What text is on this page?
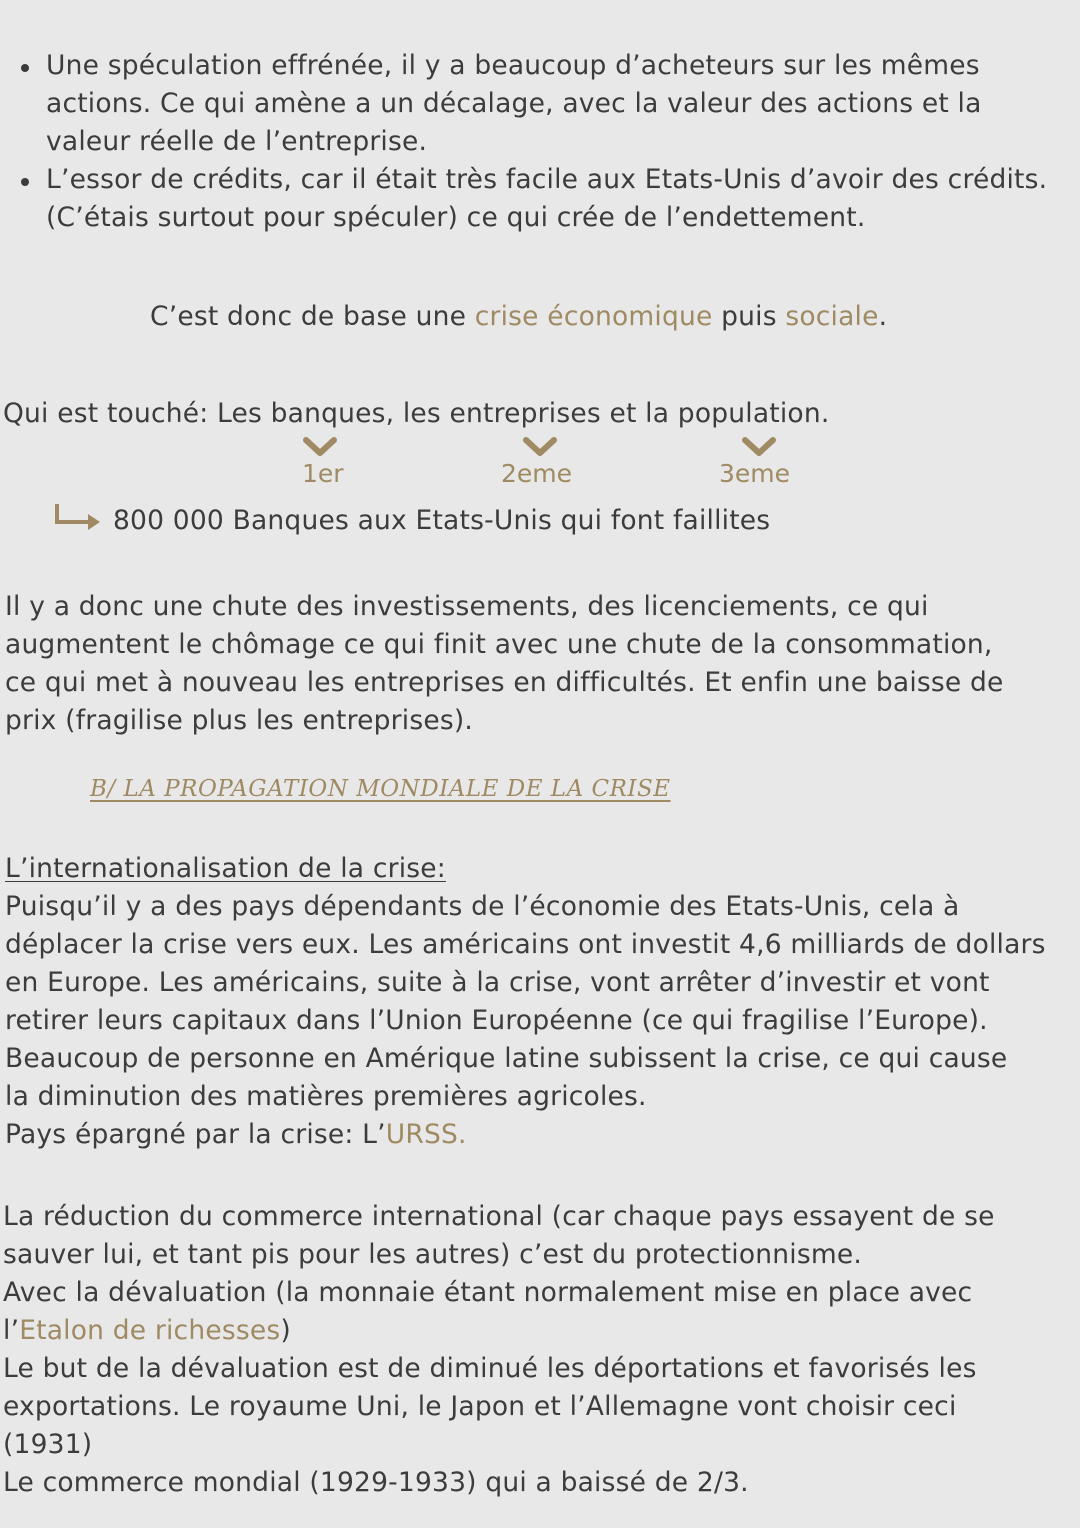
Une spéculation effrénée, il y a beaucoup d’acheteurs sur les mêmes
actions. Ce qui amène a un décalage, avec la valeur des actions et la
valeur réelle de l’entreprise.
L’essor de crédits, car il était très facile aux Etats-Unis d’avoir des crédits.
(C’étais surtout pour spéculer) ce qui crée de l’endettement.
C’est donc de base une crise économique puis sociale.
Qui est touché: Les banques, les entreprises et la population.
1er	2eme	3eme
800 000 Banques aux Etats-Unis qui font faillites
Il y a donc une chute des investissements, des licenciements, ce qui
augmentent le chômage ce qui finit avec une chute de la consommation,
ce qui met à nouveau les entreprises en difficultés. Et enfin une baisse de
prix (fragilise plus les entreprises).
B/ LA PROPAGATION MONDIALE DE LA CRISE
L’internationalisation de la crise:
Puisqu’il y a des pays dépendants de l’économie des Etats-Unis, cela à
déplacer la crise vers eux. Les américains ont investit 4,6 milliards de dollars
en Europe. Les américains, suite à la crise, vont arrêter d’investir et vont
retirer leurs capitaux dans l’Union Européenne (ce qui fragilise l’Europe).
Beaucoup de personne en Amérique latine subissent la crise, ce qui cause
la diminution des matières premières agricoles.
Pays épargné par la crise: L’URSS.
La réduction du commerce international (car chaque pays essayent de se
sauver lui, et tant pis pour les autres) c’est du protectionnisme.
Avec la dévaluation (la monnaie étant normalement mise en place avec
l’Etalon de richesses)
Le but de la dévaluation est de diminué les déportations et favorisés les
exportations. Le royaume Uni, le Japon et l’Allemagne vont choisir ceci
(1931)
Le commerce mondial (1929-1933) qui a baissé de 2/3.
